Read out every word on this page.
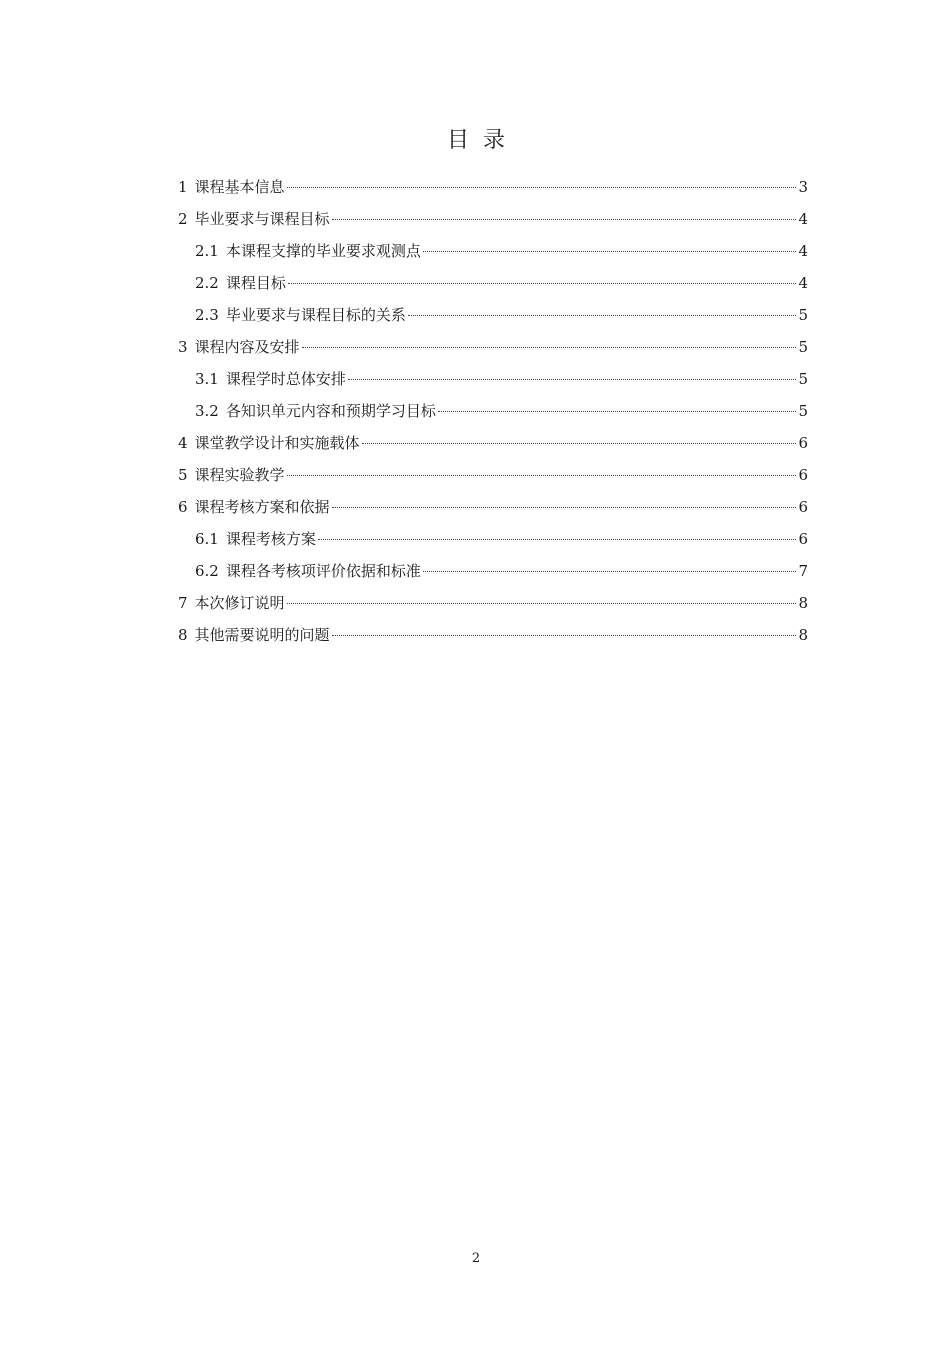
目录
1 课程基本信息	3
2 毕业要求与课程目标	4
2.1 本课程支撑的毕业要求观测点	4
2.2 课程目标	4
2.3 毕业要求与课程目标的关系	5
3 课程内容及安排	5
3.1 课程学时总体安排	5
3.2 各知识单元内容和预期学习目标	5
4 课堂教学设计和实施载体	6
5 课程实验教学	6
6 课程考核方案和依据	6
6.1 课程考核方案	6
6.2 课程各考核项评价依据和标准	7
7 本次修订说明	8
8 其他需要说明的问题	8
2
